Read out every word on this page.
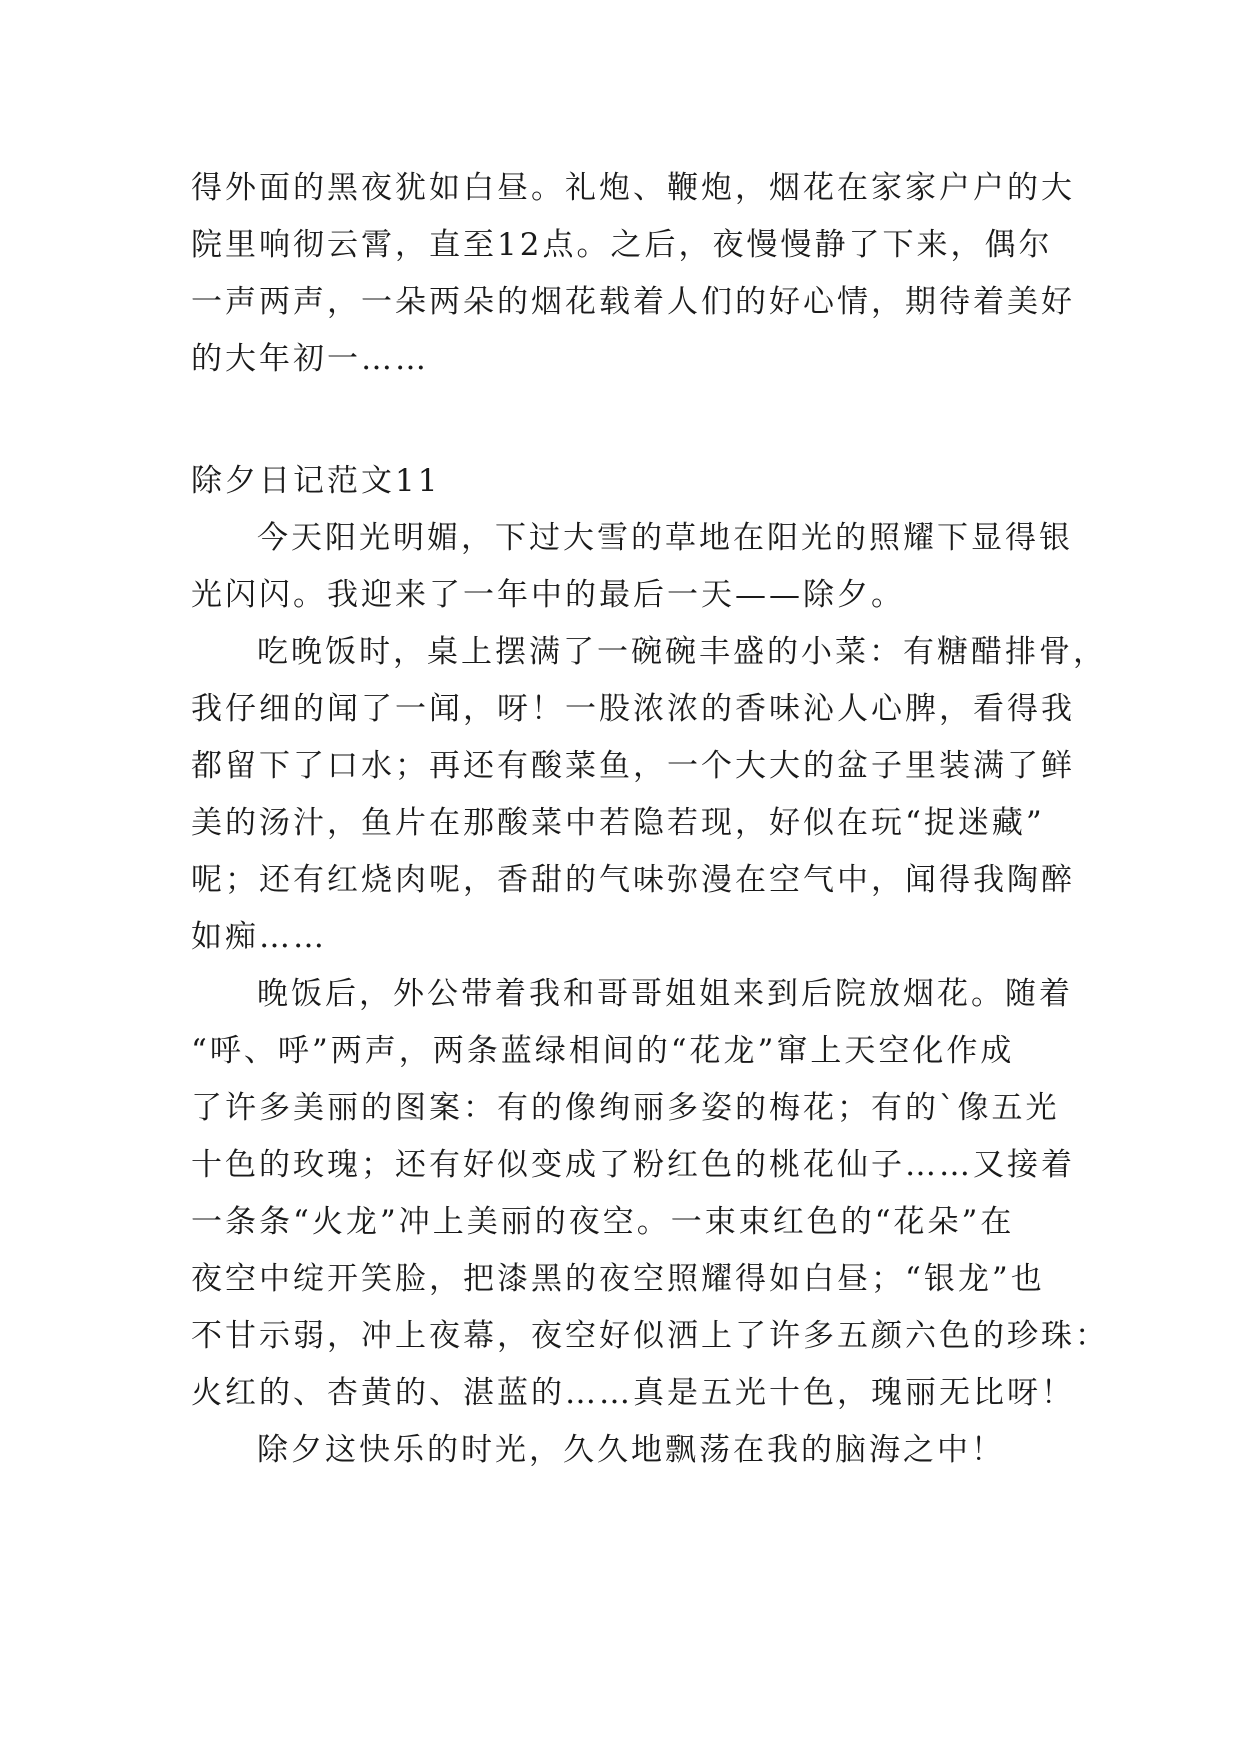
得外面的黑夜犹如白昼。礼炮、鞭炮，烟花在家家户户的大
院里响彻云霄，直至12点。之后，夜慢慢静了下来，偶尔
一声两声，一朵两朵的烟花载着人们的好心情，期待着美好
的大年初一……
除夕日记范文11
今天阳光明媚，下过大雪的草地在阳光的照耀下显得银
光闪闪。我迎来了一年中的最后一天——除夕。
吃晚饭时，桌上摆满了一碗碗丰盛的小菜：有糖醋排骨，
我仔细的闻了一闻，呀！一股浓浓的香味沁人心脾，看得我
都留下了口水；再还有酸菜鱼，一个大大的盆子里装满了鲜
美的汤汁，鱼片在那酸菜中若隐若现，好似在玩“捉迷藏”
呢；还有红烧肉呢，香甜的气味弥漫在空气中，闻得我陶醉
如痴……
晚饭后，外公带着我和哥哥姐姐来到后院放烟花。随着
“呼、呼”两声，两条蓝绿相间的“花龙”窜上天空化作成
了许多美丽的图案：有的像绚丽多姿的梅花；有的`像五光
十色的玫瑰；还有好似变成了粉红色的桃花仙子……又接着
一条条“火龙”冲上美丽的夜空。一束束红色的“花朵”在
夜空中绽开笑脸，把漆黑的夜空照耀得如白昼；“银龙”也
不甘示弱，冲上夜幕，夜空好似洒上了许多五颜六色的珍珠：
火红的、杏黄的、湛蓝的……真是五光十色，瑰丽无比呀！
除夕这快乐的时光，久久地飘荡在我的脑海之中！
